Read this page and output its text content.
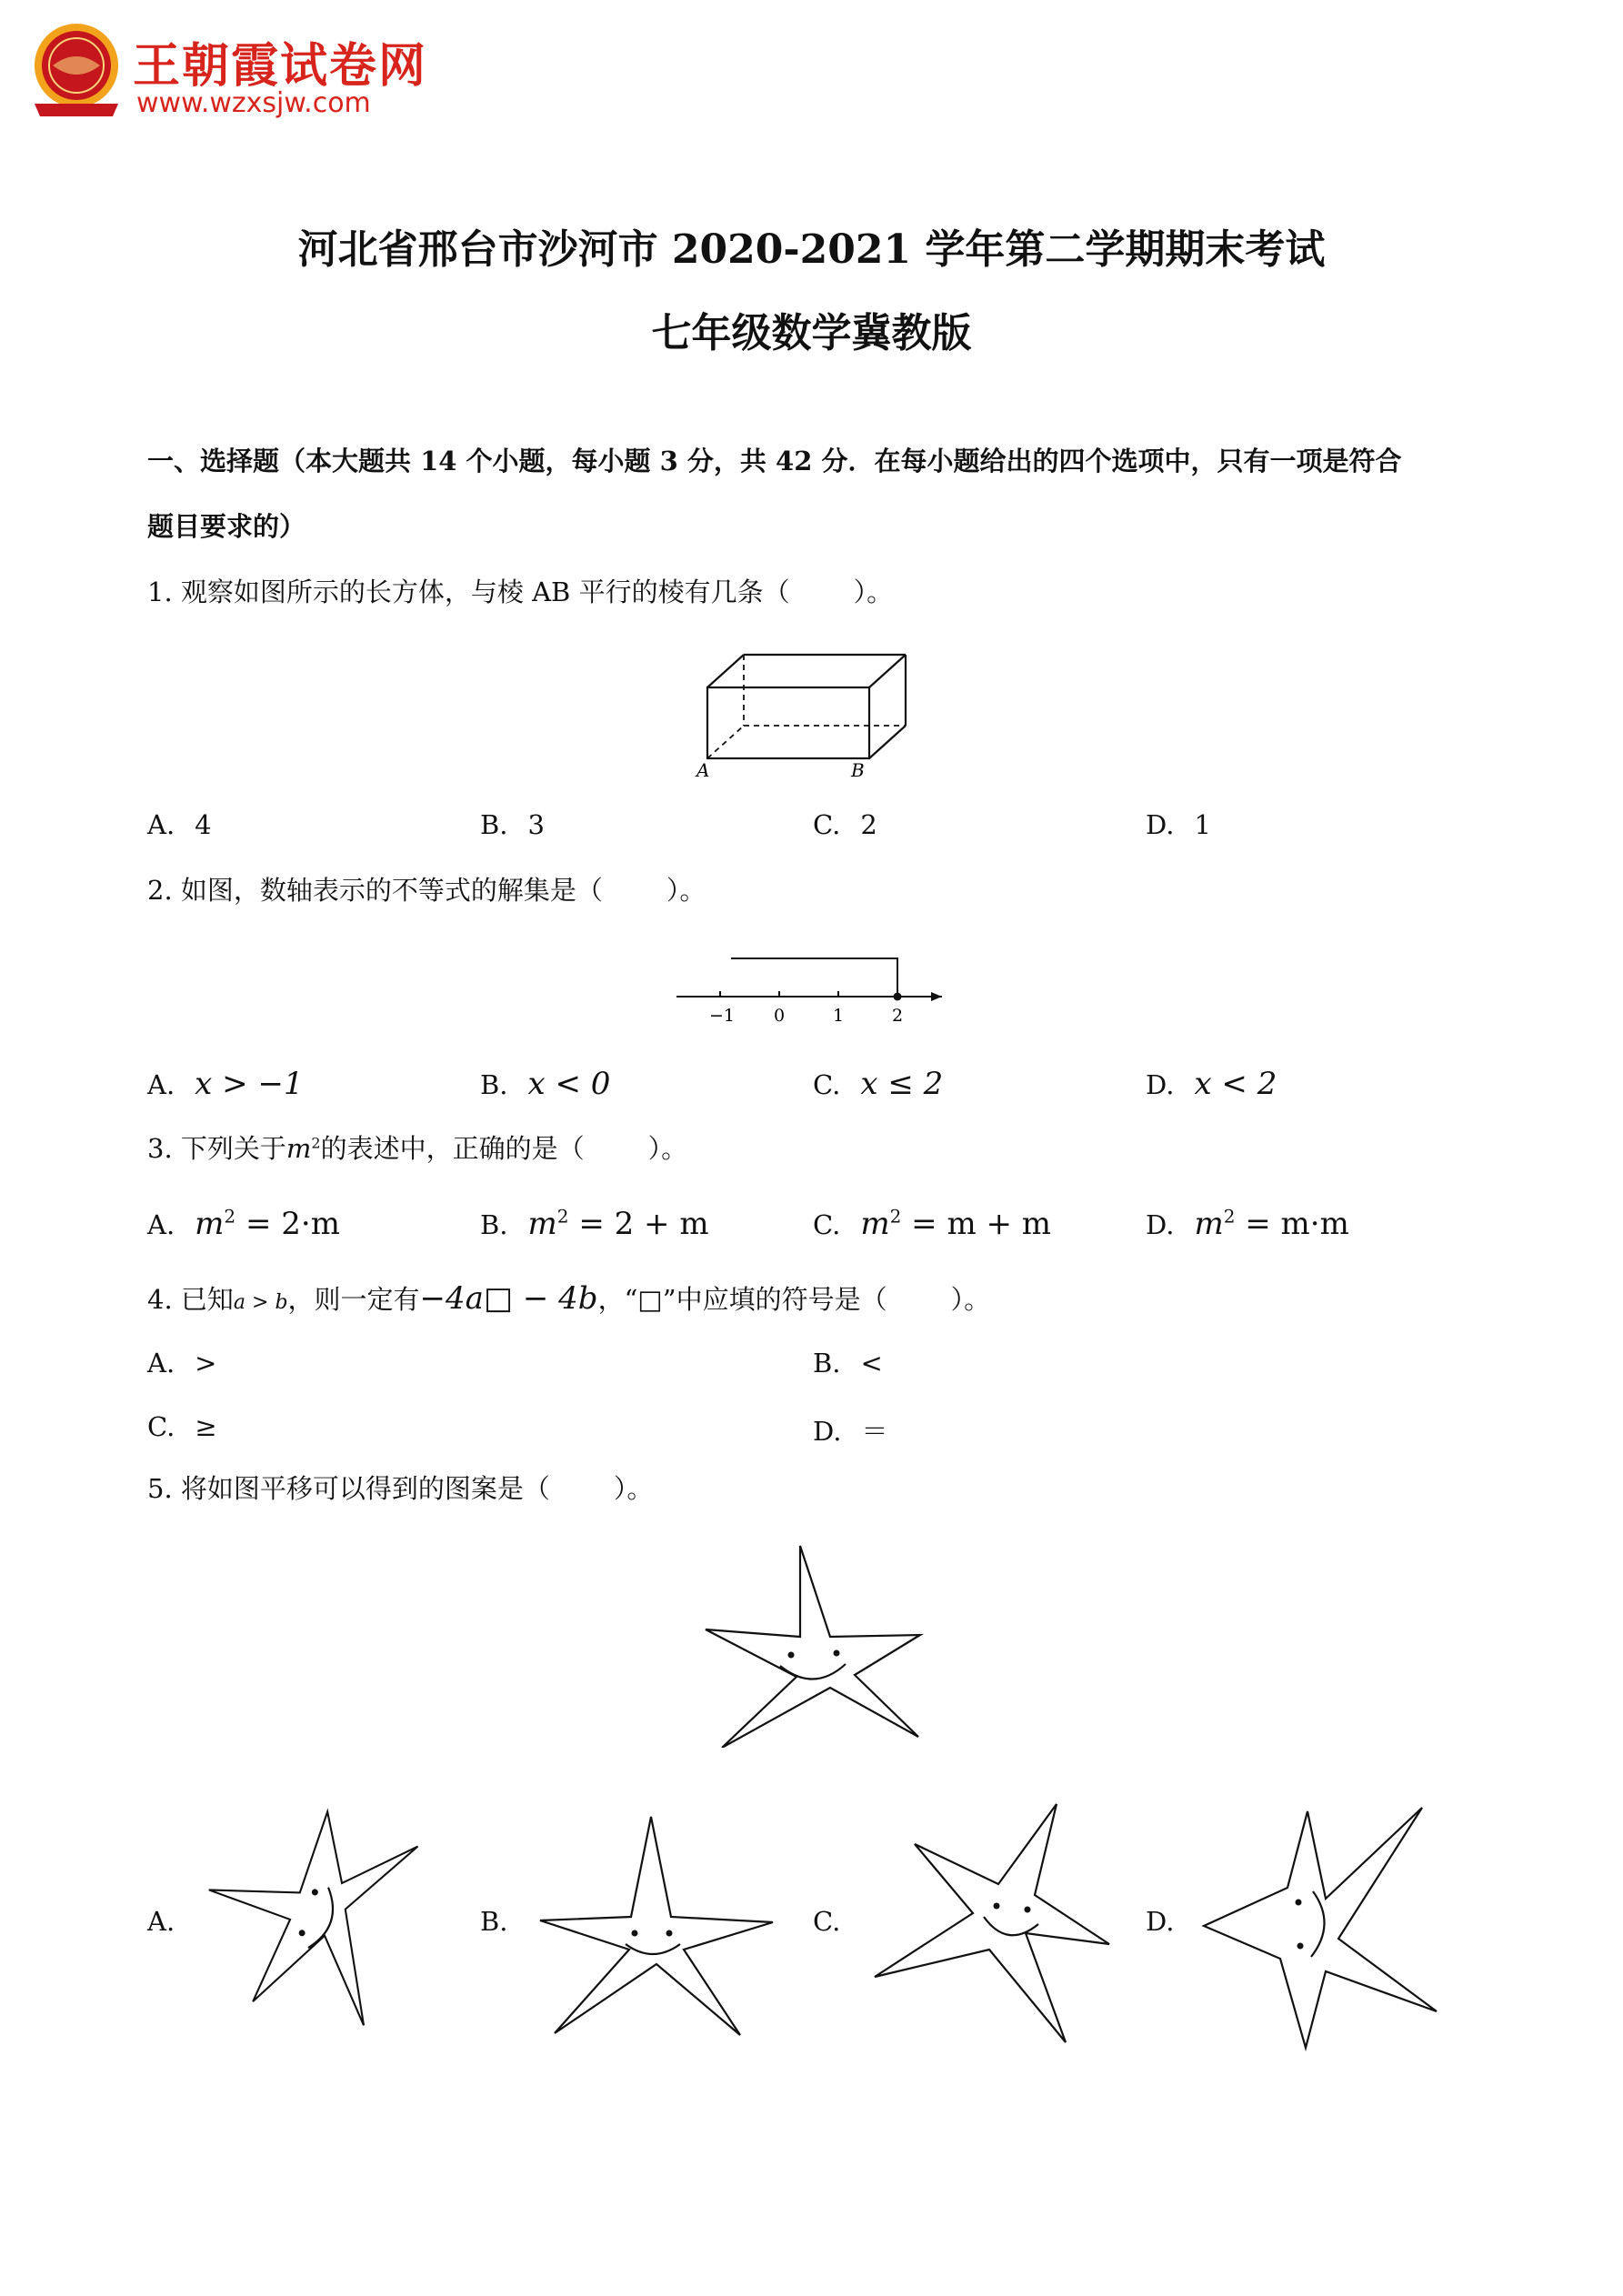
王朝霞试卷网
www.wzxsjw.com
河北省邢台市沙河市 2020-2021 学年第二学期期末考试
七年级数学冀教版
一、选择题（本大题共 14 个小题，每小题 3 分，共 42 分．在每小题给出的四个选项中，只有一项是符合
题目要求的）
1. 观察如图所示的长方体，与棱 AB 平行的棱有几条（ ）。
A	B
A. 4	B. 3	C. 2	D. 1
2. 如图，数轴表示的不等式的解集是（ ）。
−1 0	1	2
A. x > −1	B. x < 0	C. x ≤ 2	D. x < 2
3. 下列关于$m^2$的表述中，正确的是（ ）。
A. $m^2 = 2\cdot m$	B. $m^2 = 2 + m$	C. $m^2 = m + m$	D. $m^2 = m\cdot m$
4. 已知a > b，则一定有−4a□ − 4b，“□”中应填的符号是（ ）。
A. >	B. <
C. ≥	D. ＝
5. 将如图平移可以得到的图案是（ ）。
A.	B.	C.	D.
